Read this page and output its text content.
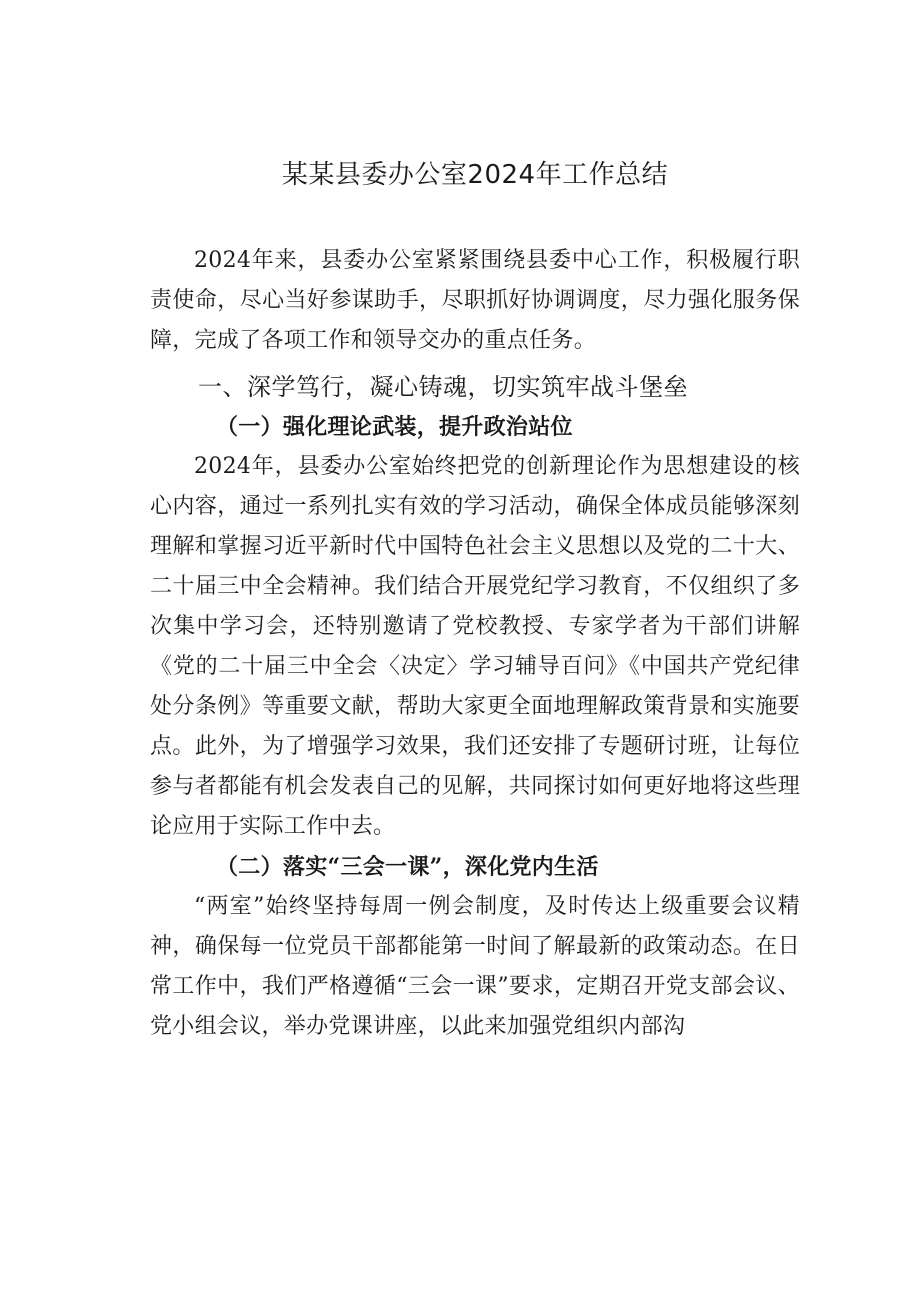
某某县委办公室2024年工作总结

2024年来，县委办公室紧紧围绕县委中心工作，积极履行职责使命，尽心当好参谋助手，尽职抓好协调调度，尽力强化服务保障，完成了各项工作和领导交办的重点任务。

一、深学笃行，凝心铸魂，切实筑牢战斗堡垒
（一）强化理论武装，提升政治站位

2024年，县委办公室始终把党的创新理论作为思想建设的核心内容，通过一系列扎实有效的学习活动，确保全体成员能够深刻理解和掌握习近平新时代中国特色社会主义思想以及党的二十大、二十届三中全会精神。我们结合开展党纪学习教育，不仅组织了多次集中学习会，还特别邀请了党校教授、专家学者为干部们讲解《党的二十届三中全会〈决定〉学习辅导百问》《中国共产党纪律处分条例》等重要文献，帮助大家更全面地理解政策背景和实施要点。此外，为了增强学习效果，我们还安排了专题研讨班，让每位参与者都能有机会发表自己的见解，共同探讨如何更好地将这些理论应用于实际工作中去。

（二）落实“三会一课”，深化党内生活

“两室”始终坚持每周一例会制度，及时传达上级重要会议精神，确保每一位党员干部都能第一时间了解最新的政策动态。在日常工作中，我们严格遵循“三会一课”要求，定期召开党支部会议、党小组会议，举办党课讲座，以此来加强党组织内部沟
